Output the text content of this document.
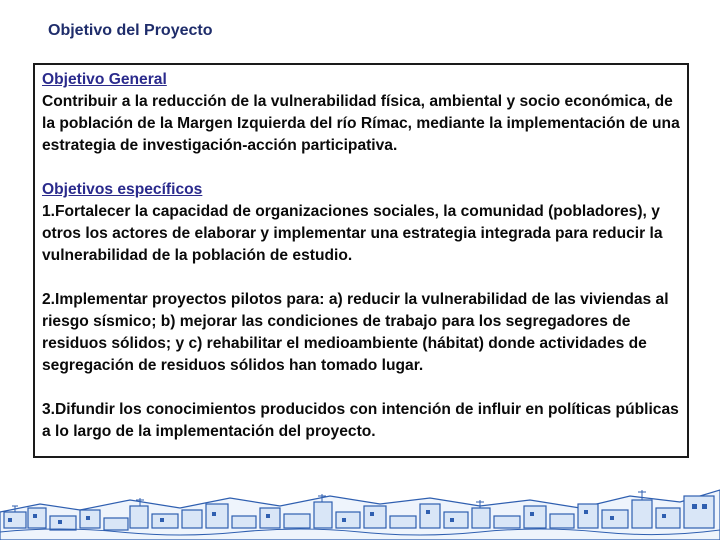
Objetivo del Proyecto
Objetivo General

Contribuir a la reducción de la vulnerabilidad física, ambiental y socio económica, de la población de la Margen Izquierda del río Rímac, mediante la implementación de una estrategia de investigación-acción participativa.

Objetivos específicos

1.Fortalecer la capacidad de organizaciones sociales, la comunidad (pobladores), y otros los actores de elaborar y implementar una estrategia integrada para reducir la vulnerabilidad de la población de estudio.

2.Implementar proyectos pilotos para: a) reducir la vulnerabilidad de las viviendas al riesgo sísmico; b) mejorar las condiciones de trabajo para los segregadores de residuos sólidos; y c) rehabilitar el medioambiente (hábitat) donde actividades de segregación de residuos sólidos han tomado lugar.

3.Difundir los conocimientos producidos con intención de influir en políticas públicas a lo largo de la implementación del proyecto.
